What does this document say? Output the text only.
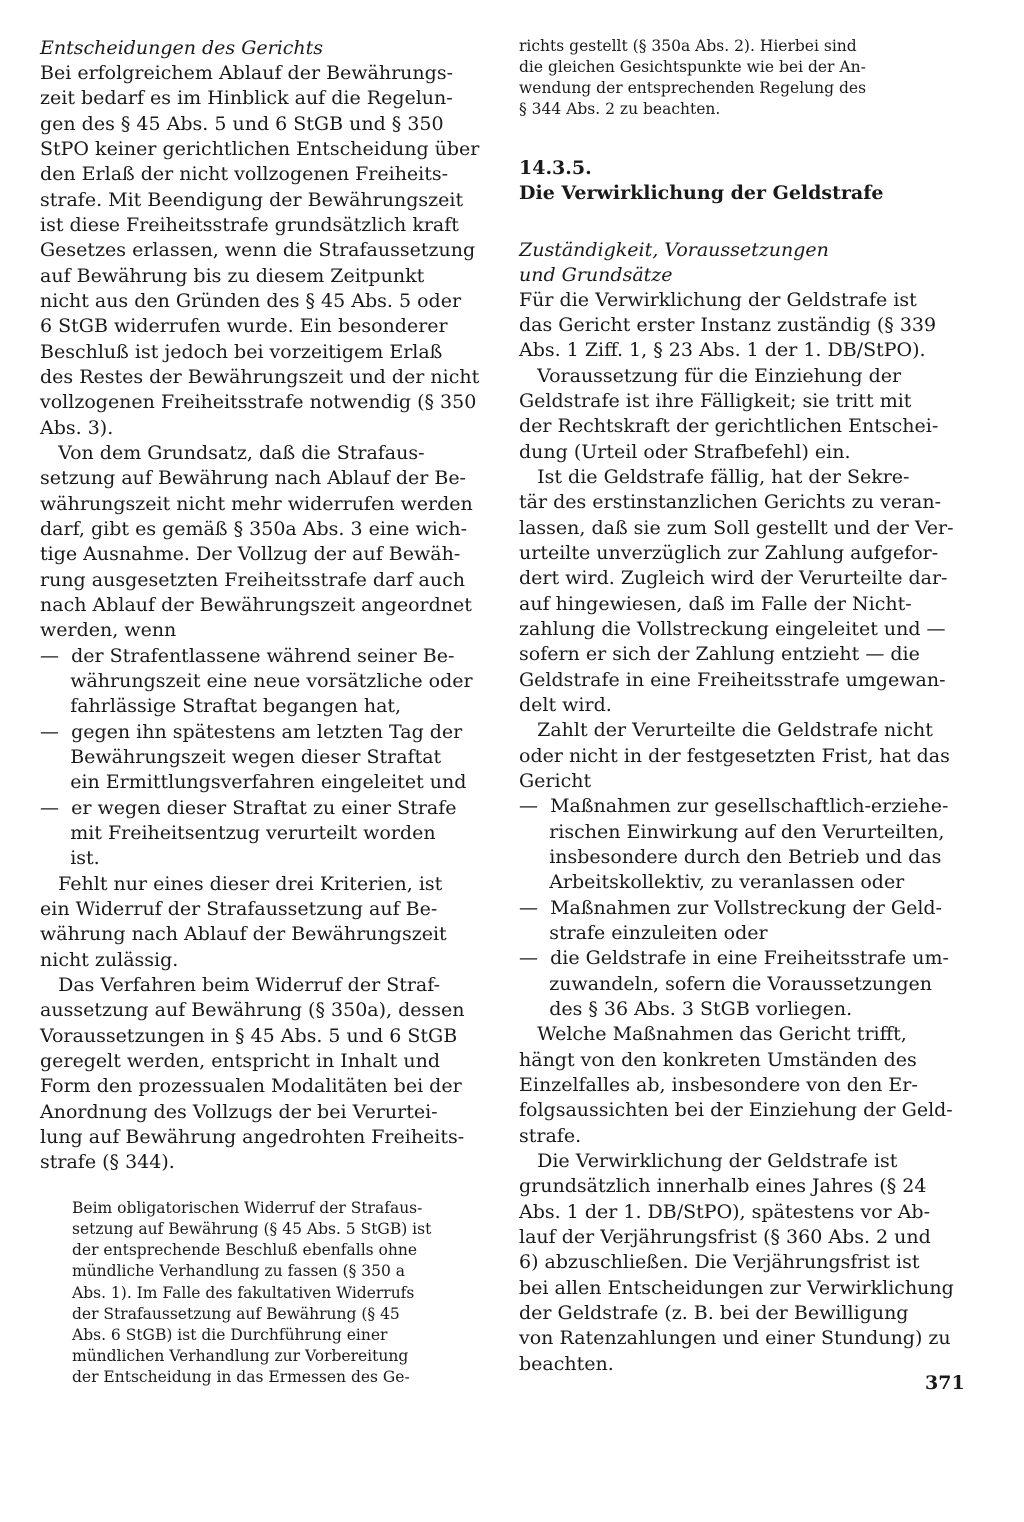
Entscheidungen des Gerichts
Bei erfolgreichem Ablauf der Bewährungs-
zeit bedarf es im Hinblick auf die Regelun-
gen des § 45 Abs. 5 und 6 StGB und § 350
StPO keiner gerichtlichen Entscheidung über
den Erlaß der nicht vollzogenen Freiheits-
strafe. Mit Beendigung der Bewährungszeit
ist diese Freiheitsstrafe grundsätzlich kraft
Gesetzes erlassen, wenn die Strafaussetzung
auf Bewährung bis zu diesem Zeitpunkt
nicht aus den Gründen des § 45 Abs. 5 oder
6 StGB widerrufen wurde. Ein besonderer
Beschluß ist jedoch bei vorzeitigem Erlaß
des Restes der Bewährungszeit und der nicht
vollzogenen Freiheitsstrafe notwendig (§ 350
Abs. 3).
Von dem Grundsatz, daß die Strafaus-
setzung auf Bewährung nach Ablauf der Be-
währungszeit nicht mehr widerrufen werden
darf, gibt es gemäß § 350a Abs. 3 eine wich-
tige Ausnahme. Der Vollzug der auf Bewäh-
rung ausgesetzten Freiheitsstrafe darf auch
nach Ablauf der Bewährungszeit angeordnet
werden, wenn
—  der Strafentlassene während seiner Be-
währungszeit eine neue vorsätzliche oder
fahrlässige Straftat begangen hat,
—  gegen ihn spätestens am letzten Tag der
Bewährungszeit wegen dieser Straftat
ein Ermittlungsverfahren eingeleitet und
—  er wegen dieser Straftat zu einer Strafe
mit Freiheitsentzug verurteilt worden
ist.
Fehlt nur eines dieser drei Kriterien, ist
ein Widerruf der Strafaussetzung auf Be-
währung nach Ablauf der Bewährungszeit
nicht zulässig.
Das Verfahren beim Widerruf der Straf-
aussetzung auf Bewährung (§ 350a), dessen
Voraussetzungen in § 45 Abs. 5 und 6 StGB
geregelt werden, entspricht in Inhalt und
Form den prozessualen Modalitäten bei der
Anordnung des Vollzugs der bei Verurtei-
lung auf Bewährung angedrohten Freiheits-
strafe (§ 344).
Beim obligatorischen Widerruf der Strafaus-
setzung auf Bewährung (§ 45 Abs. 5 StGB) ist
der entsprechende Beschluß ebenfalls ohne
mündliche Verhandlung zu fassen (§ 350 a
Abs. 1). Im Falle des fakultativen Widerrufs
der Strafaussetzung auf Bewährung (§ 45
Abs. 6 StGB) ist die Durchführung einer
mündlichen Verhandlung zur Vorbereitung
der Entscheidung in das Ermessen des Ge-
richts gestellt (§ 350a Abs. 2). Hierbei sind
die gleichen Gesichtspunkte wie bei der An-
wendung der entsprechenden Regelung des
§ 344 Abs. 2 zu beachten.
14.3.5.
Die Verwirklichung der Geldstrafe
Zuständigkeit, Voraussetzungen
und Grundsätze
Für die Verwirklichung der Geldstrafe ist
das Gericht erster Instanz zuständig (§ 339
Abs. 1 Ziff. 1, § 23 Abs. 1 der 1. DB/StPO).
Voraussetzung für die Einziehung der
Geldstrafe ist ihre Fälligkeit; sie tritt mit
der Rechtskraft der gerichtlichen Entschei-
dung (Urteil oder Strafbefehl) ein.
Ist die Geldstrafe fällig, hat der Sekre-
tär des erstinstanzlichen Gerichts zu veran-
lassen, daß sie zum Soll gestellt und der Ver-
urteilte unverzüglich zur Zahlung aufgefor-
dert wird. Zugleich wird der Verurteilte dar-
auf hingewiesen, daß im Falle der Nicht-
zahlung die Vollstreckung eingeleitet und —
sofern er sich der Zahlung entzieht — die
Geldstrafe in eine Freiheitsstrafe umgewan-
delt wird.
Zahlt der Verurteilte die Geldstrafe nicht
oder nicht in der festgesetzten Frist, hat das
Gericht
—  Maßnahmen zur gesellschaftlich-erziehe-
rischen Einwirkung auf den Verurteilten,
insbesondere durch den Betrieb und das
Arbeitskollektiv, zu veranlassen oder
—  Maßnahmen zur Vollstreckung der Geld-
strafe einzuleiten oder
—  die Geldstrafe in eine Freiheitsstrafe um-
zuwandeln, sofern die Voraussetzungen
des § 36 Abs. 3 StGB vorliegen.
Welche Maßnahmen das Gericht trifft,
hängt von den konkreten Umständen des
Einzelfalles ab, insbesondere von den Er-
folgsaussichten bei der Einziehung der Geld-
strafe.
Die Verwirklichung der Geldstrafe ist
grundsätzlich innerhalb eines Jahres (§ 24
Abs. 1 der 1. DB/StPO), spätestens vor Ab-
lauf der Verjährungsfrist (§ 360 Abs. 2 und
6) abzuschließen. Die Verjährungsfrist ist
bei allen Entscheidungen zur Verwirklichung
der Geldstrafe (z. B. bei der Bewilligung
von Ratenzahlungen und einer Stundung) zu
beachten.
371
